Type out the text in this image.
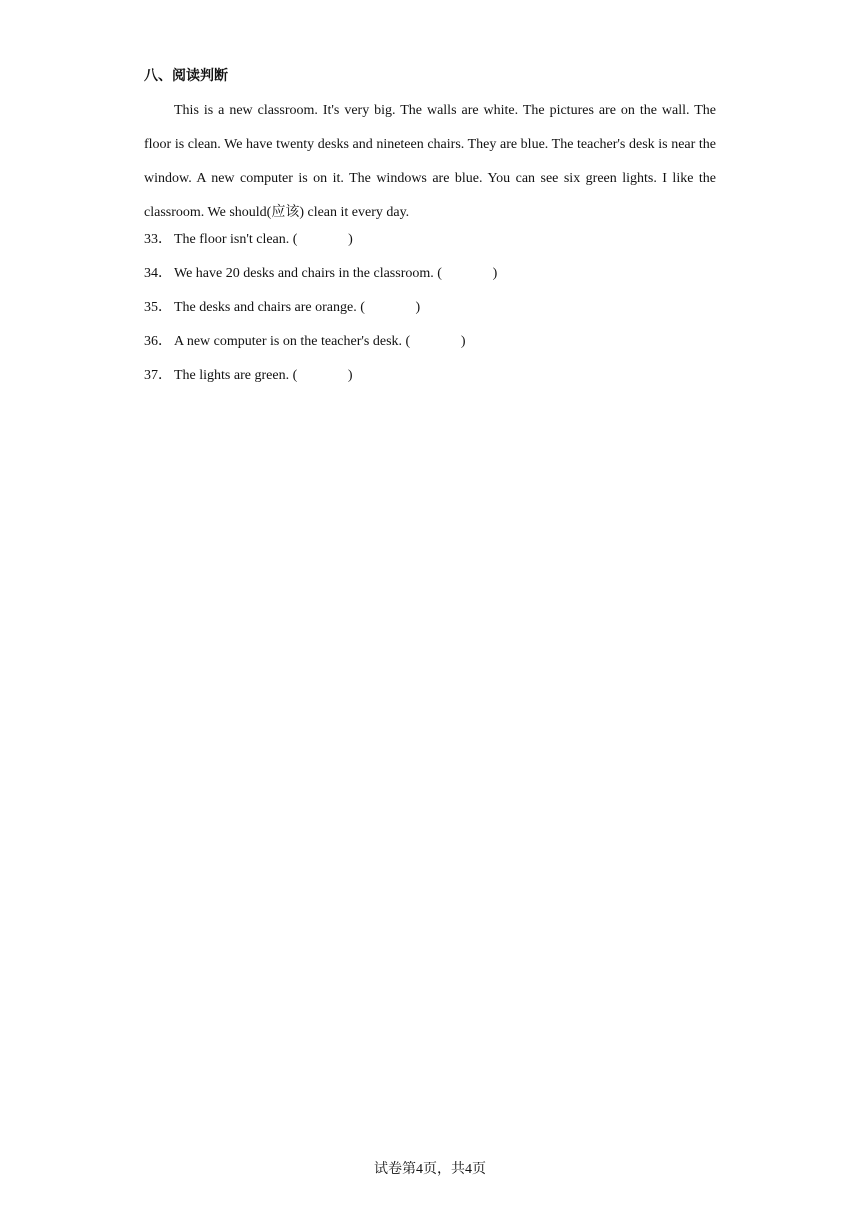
八、阅读判断

This is a new classroom. It's very big. The walls are white. The pictures are on the wall. The floor is clean. We have twenty desks and nineteen chairs. They are blue. The teacher's desk is near the window. A new computer is on it. The windows are blue. You can see six green lights. I like the classroom. We should(应该) clean it every day.

33． The floor isn't clean. (	)
34． We have 20 desks and chairs in the classroom. (	)
35． The desks and chairs are orange. (	)
36． A new computer is on the teacher's desk. (	)
37． The lights are green. (	)
试卷第4页，共4页
